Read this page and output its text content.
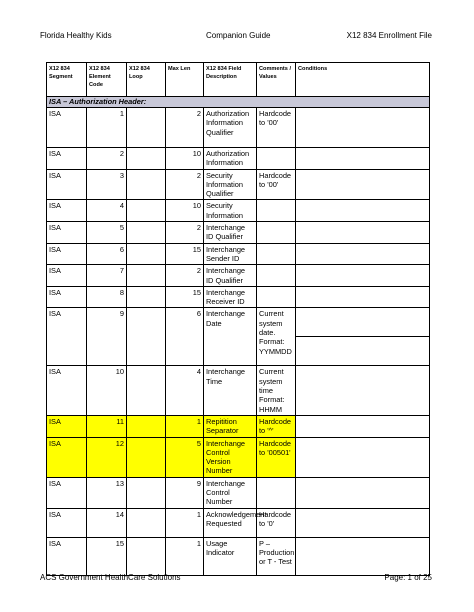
Florida Healthy Kids	Companion Guide	X12 834 Enrollment File
X12 834 Segment	X12 834 Element Code	X12 834 Loop	Max Len	X12 834 Field Description	Comments / Values	Conditions
ISA – Authorization Header:						
ISA	1		2	Authorization Information Qualifier	Hardcode to '00'	
ISA	2		10	Authorization Information		
ISA	3		2	Security Information Qualifier	Hardcode to '00'	
ISA	4		10	Security Information		
ISA	5		2	Interchange ID Qualifier		
ISA	6		15	Interchange Sender ID		
ISA	7		2	Interchange ID Qualifier		
ISA	8		15	Interchange Receiver ID		
ISA	9		6	Interchange Date	Current system date. Format: YYMMDD	

ISA	10		4	Interchange Time	Current system time Format: HHMM	
ISA	11		1	Repitition Separator	Hardcode to '^'	
ISA	12		5	Interchange Control Version Number	Hardcode to '00501'	
ISA	13		9	Interchange Control Number		
ISA	14		1	Acknowledgement Requested	Hardcode to '0'	
ISA	15		1	Usage Indicator	P – Production or T - Test	
ACS Government HealthCare Solutions	Page: 1 of 25
